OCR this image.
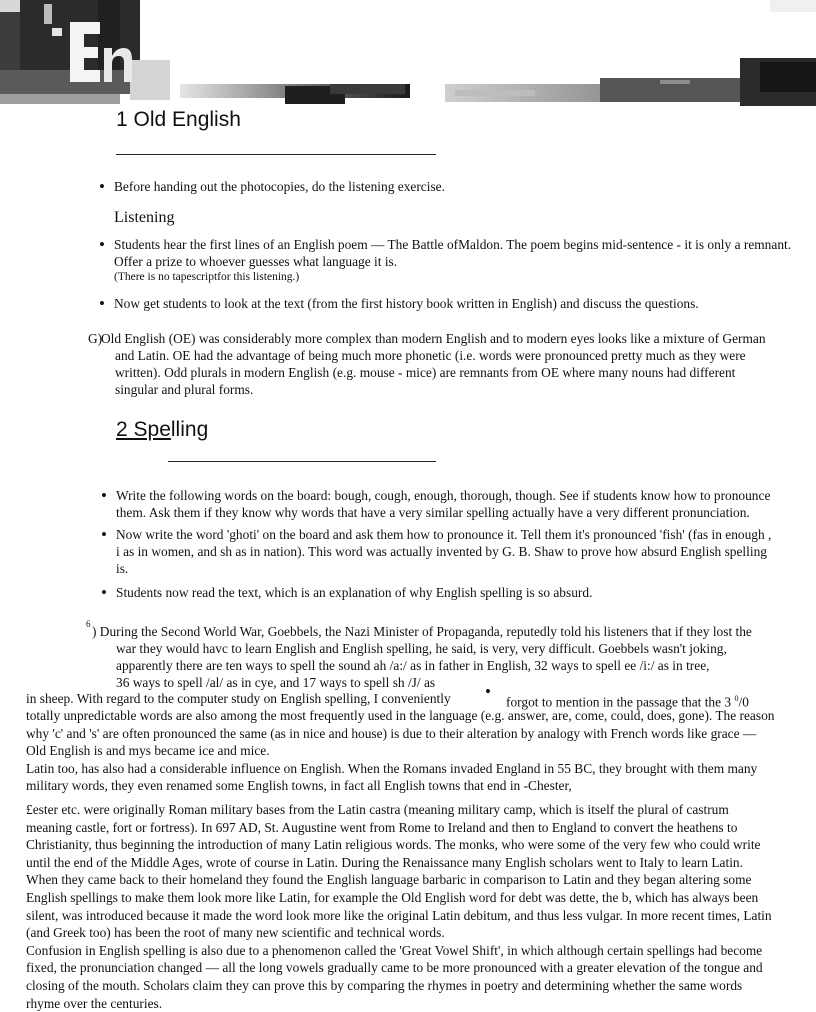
1 Old English
• Before handing out the photocopies, do the listening exercise.

Listening

• Students hear the first lines of an English poem — The Battle ofMaldon. The poem begins mid-sentence - it is only a remnant.

Offer a prize to whoever guesses what language it is.

(There is no tapescriptfor this listening.)

• Now get students to look at the text (from the first history book written in English) and discuss the questions.

G)

Old English (OE) was considerably more complex than modern English and to modern eyes looks like a mixture of German

and Latin. OE had the advantage of being much more phonetic (i.e. words were pronounced pretty much as they were

written). Odd plurals in modern English (e.g. mouse - mice) are remnants from OE where many nouns had different

singular and plural forms.

2 Spelling
• Write the following words on the board: bough, cough, enough, thorough, though. See if students know how to pronounce

them. Ask them if they know why words that have a very similar spelling actually have a very different pronunciation.

• Now write the word 'ghoti' on the board and ask them how to pronounce it. Tell them it's pronounced 'fish' (fas in enough ,

i as in women, and sh as in nation). This word was actually invented by G. B. Shaw to prove how absurd English spelling

is.

• Students now read the text, which is an explanation of why English spelling is so absurd.

6 ) During the Second World War, Goebbels, the Nazi Minister of Propaganda, reputedly told his listeners that if they lost the

war they would havc to learn English and English spelling, he said, is very, very difficult. Goebbels wasn't joking,

apparently there are ten ways to spell the sound ah /a:/ as in father in English, 32 ways to spell ee /i:/ as in tree,

36 ways to spell /al/ as in cye, and 17 ways to spell sh /J/ as

in sheep. With regard to the computer study on English spelling, I conveniently •

forgot to mention in the passage that the 3 $^0$/0

totally unpredictable words are also among the most frequently used in the language (e.g. answer, are, come, could, does, gone). The reason

why 'c' and 's' are often pronounced the same (as in nice and house) is due to their alteration by analogy with French words like grace —

Old English is and mys became ice and mice.

Latin too, has also had a considerable influence on English. When the Romans invaded England in 55 BC, they brought with them many

military words, they even renamed some English towns, in fact all English towns that end in -Chester,

£ester etc. were originally Roman military bases from the Latin castra (meaning military camp, which is itself the plural of castrum

meaning castle, fort or fortress). In 697 AD, St. Augustine went from Rome to Ireland and then to England to convert the heathens to

Christianity, thus beginning the introduction of many Latin religious words. The monks, who were some of the very few who could write

until the end of the Middle Ages, wrote of course in Latin. During the Renaissance many English scholars went to Italy to learn Latin.

When they came back to their homeland they found the English language barbaric in comparison to Latin and they began altering some

English spellings to make them look more like Latin, for example the Old English word for debt was dette, the b, which has always been

silent, was introduced because it made the word look more like the original Latin debitum, and thus less vulgar. In more recent times, Latin

(and Greek too) has been the root of many new scientific and technical words.

Confusion in English spelling is also due to a phenomenon called the 'Great Vowel Shift', in which although certain spellings had become

fixed, the pronunciation changed — all the long vowels gradually came to be more pronounced with a greater elevation of the tongue and

closing of the mouth. Scholars claim they can prove this by comparing the rhymes in poetry and determining whether the same words

rhyme over the centuries.
